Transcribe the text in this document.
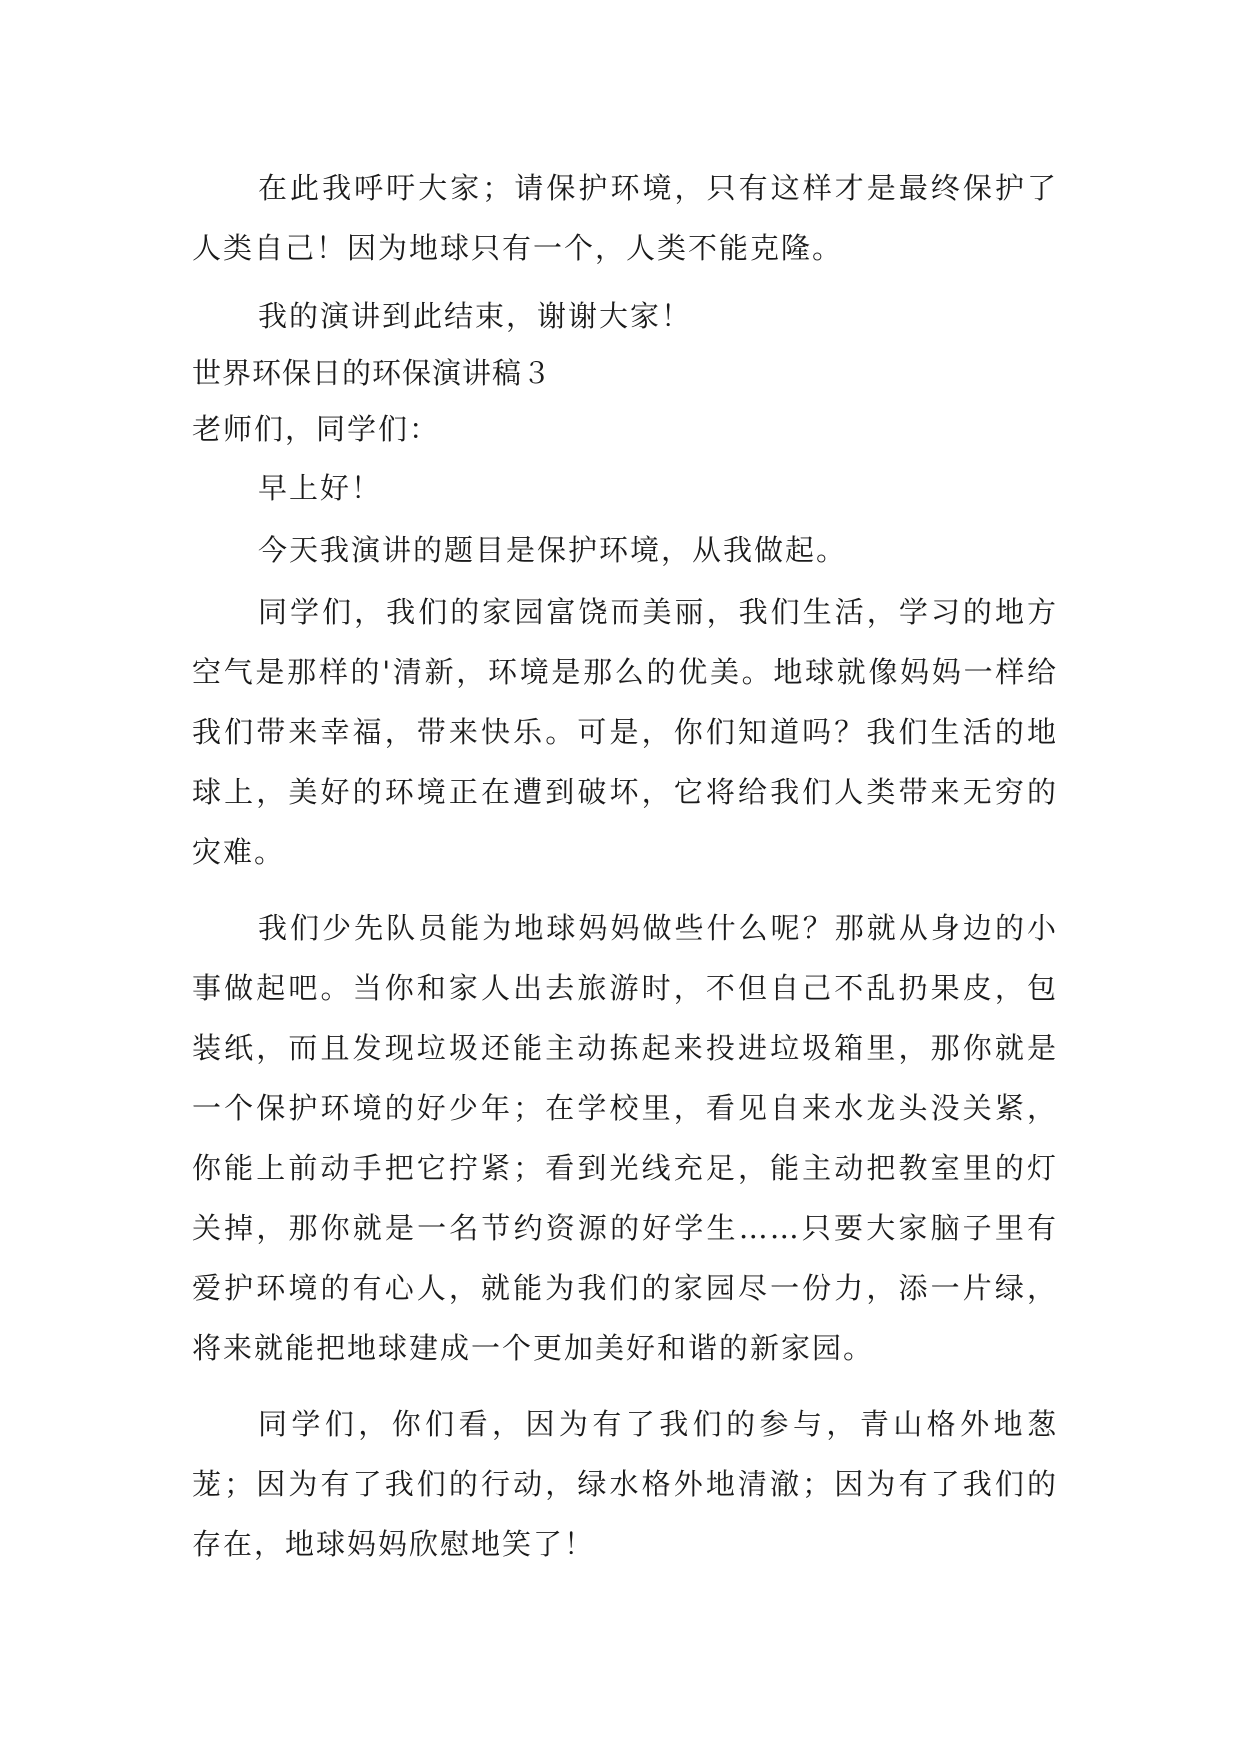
在此我呼吁大家；请保护环境，只有这样才是最终保护了人类自己！因为地球只有一个，人类不能克隆。

我的演讲到此结束，谢谢大家！

世界环保日的环保演讲稿３

老师们，同学们：

早上好！

今天我演讲的题目是保护环境，从我做起。

同学们，我们的家园富饶而美丽，我们生活，学习的地方空气是那样的'清新，环境是那么的优美。地球就像妈妈一样给我们带来幸福，带来快乐。可是，你们知道吗？我们生活的地球上，美好的环境正在遭到破坏，它将给我们人类带来无穷的灾难。

我们少先队员能为地球妈妈做些什么呢？那就从身边的小事做起吧。当你和家人出去旅游时，不但自己不乱扔果皮，包装纸，而且发现垃圾还能主动拣起来投进垃圾箱里，那你就是一个保护环境的好少年；在学校里，看见自来水龙头没关紧，你能上前动手把它拧紧；看到光线充足，能主动把教室里的灯关掉，那你就是一名节约资源的好学生……只要大家脑子里有爱护环境的有心人，就能为我们的家园尽一份力，添一片绿，将来就能把地球建成一个更加美好和谐的新家园。

同学们，你们看，因为有了我们的参与，青山格外地葱茏；因为有了我们的行动，绿水格外地清澈；因为有了我们的存在，地球妈妈欣慰地笑了！
